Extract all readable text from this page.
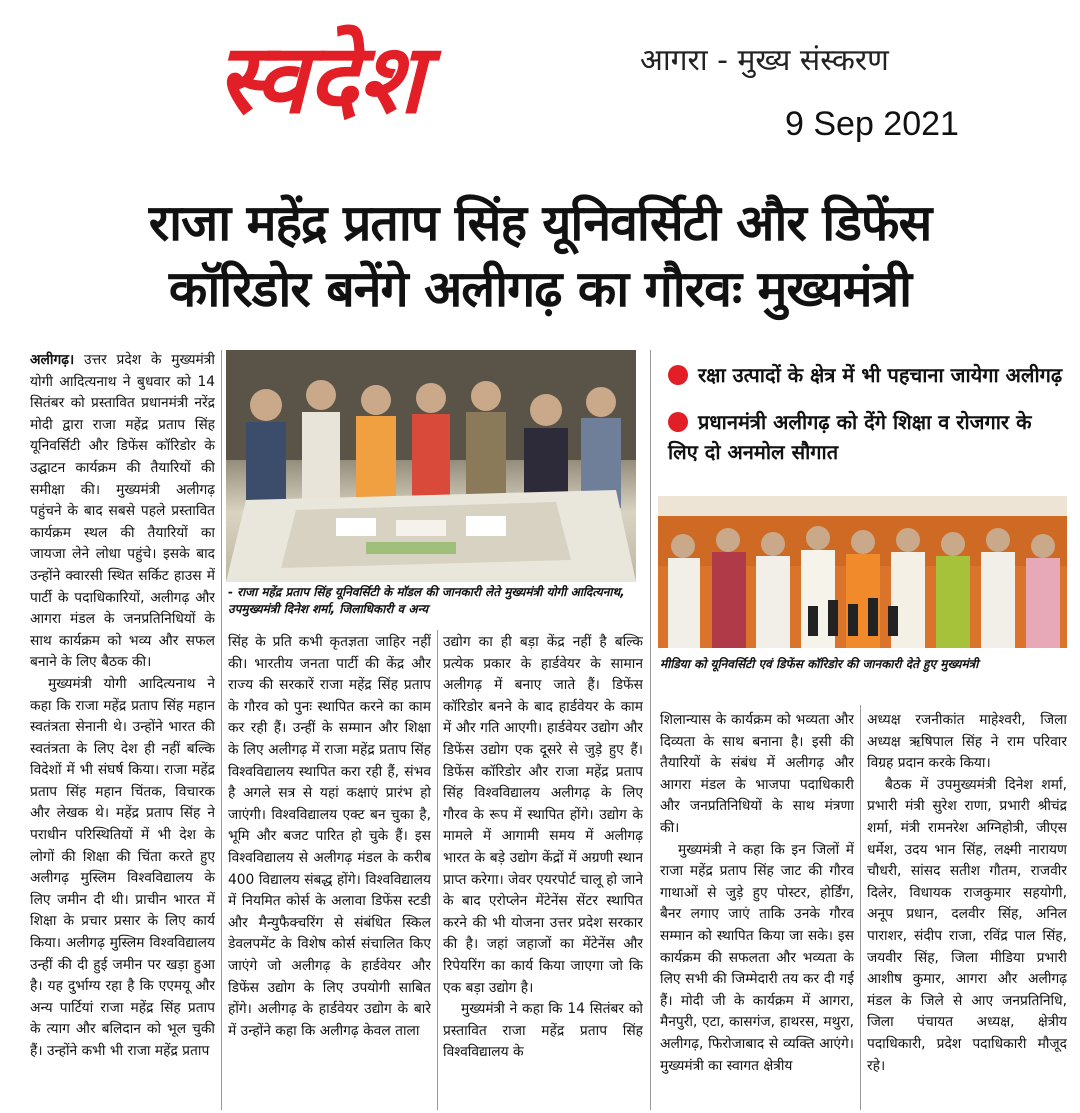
स्वदेश	आगरा - मुख्य संस्करण
9 Sep 2021
राजा महेंद्र प्रताप सिंह यूनिवर्सिटी और डिफेंस
कॉरिडोर बनेंगे अलीगढ़ का गौरवः मुख्यमंत्री
- राजा महेंद्र प्रताप सिंह यूनिवर्सिटी के मॉडल की जानकारी लेते मुख्यमंत्री योगी आदित्यनाथ, उपमुख्यमंत्री दिनेश शर्मा, जिलाधिकारी व अन्य
रक्षा उत्पादों के क्षेत्र में भी पहचाना जायेगा अलीगढ़
प्रधानमंत्री अलीगढ़ को देंगे शिक्षा व रोजगार के लिए दो अनमोल सौगात
मीडिया को यूनिवर्सिटी एवं डिफेंस कॉरिडोर की जानकारी देते हुए मुख्यमंत्री

अलीगढ़। उत्तर प्रदेश के मुख्यमंत्री योगी आदित्यनाथ ने बुधवार को 14 सितंबर को प्रस्तावित प्रधानमंत्री नरेंद्र मोदी द्वारा राजा महेंद्र प्रताप सिंह यूनिवर्सिटी और डिफेंस कॉरिडोर के उद्घाटन कार्यक्रम की तैयारियों की समीक्षा की। मुख्यमंत्री अलीगढ़ पहुंचने के बाद सबसे पहले प्रस्तावित कार्यक्रम स्थल की तैयारियों का जायजा लेने लोधा पहुंचे। इसके बाद उन्होंने क्वारसी स्थित सर्किट हाउस में पार्टी के पदाधिकारियों, अलीगढ़ और आगरा मंडल के जनप्रतिनिधियों के साथ कार्यक्रम को भव्य और सफल बनाने के लिए बैठक की।

मुख्यमंत्री योगी आदित्यनाथ ने कहा कि राजा महेंद्र प्रताप सिंह महान स्वतंत्रता सेनानी थे। उन्होंने भारत की स्वतंत्रता के लिए देश ही नहीं बल्कि विदेशों में भी संघर्ष किया। राजा महेंद्र प्रताप सिंह महान चिंतक, विचारक और लेखक थे। महेंद्र प्रताप सिंह ने पराधीन परिस्थितियों में भी देश के लोगों की शिक्षा की चिंता करते हुए अलीगढ़ मुस्लिम विश्वविद्यालय के लिए जमीन दी थी। प्राचीन भारत में शिक्षा के प्रचार प्रसार के लिए कार्य किया। अलीगढ़ मुस्लिम विश्वविद्यालय उन्हीं की दी हुई जमीन पर खड़ा हुआ है। यह दुर्भाग्य रहा है कि एएमयू और अन्य पार्टियां राजा महेंद्र सिंह प्रताप के त्याग और बलिदान को भूल चुकी हैं। उन्होंने कभी भी राजा महेंद्र प्रताप

सिंह के प्रति कभी कृतज्ञता जाहिर नहीं की। भारतीय जनता पार्टी की केंद्र और राज्य की सरकारें राजा महेंद्र सिंह प्रताप के गौरव को पुनः स्थापित करने का काम कर रही हैं। उन्हीं के सम्मान और शिक्षा के लिए अलीगढ़ में राजा महेंद्र प्रताप सिंह विश्वविद्यालय स्थापित करा रही हैं, संभव है अगले सत्र से यहां कक्षाएं प्रारंभ हो जाएंगी। विश्वविद्यालय एक्ट बन चुका है, भूमि और बजट पारित हो चुके हैं। इस विश्वविद्यालय से अलीगढ़ मंडल के करीब 400 विद्यालय संबद्ध होंगे। विश्वविद्यालय में नियमित कोर्स के अलावा डिफेंस स्टडी और मैन्युफैक्चरिंग से संबंधित स्किल डेवलपमेंट के विशेष कोर्स संचालित किए जाएंगे जो अलीगढ़ के हार्डवेयर और डिफेंस उद्योग के लिए उपयोगी साबित होंगे। अलीगढ़ के हार्डवेयर उद्योग के बारे में उन्होंने कहा कि अलीगढ़ केवल ताला

उद्योग का ही बड़ा केंद्र नहीं है बल्कि प्रत्येक प्रकार के हार्डवेयर के सामान अलीगढ़ में बनाए जाते हैं। डिफेंस कॉरिडोर बनने के बाद हार्डवेयर के काम में और गति आएगी। हार्डवेयर उद्योग और डिफेंस उद्योग एक दूसरे से जुड़े हुए हैं। डिफेंस कॉरिडोर और राजा महेंद्र प्रताप सिंह विश्वविद्यालय अलीगढ़ के लिए गौरव के रूप में स्थापित होंगे। उद्योग के मामले में आगामी समय में अलीगढ़ भारत के बड़े उद्योग केंद्रों में अग्रणी स्थान प्राप्त करेगा। जेवर एयरपोर्ट चालू हो जाने के बाद एरोप्लेन मेंटेनेंस सेंटर स्थापित करने की भी योजना उत्तर प्रदेश सरकार की है। जहां जहाजों का मेंटेनेंस और रिपेयरिंग का कार्य किया जाएगा जो कि एक बड़ा उद्योग है।

मुख्यमंत्री ने कहा कि 14 सितंबर को प्रस्तावित राजा महेंद्र प्रताप सिंह विश्वविद्यालय के

शिलान्यास के कार्यक्रम को भव्यता और दिव्यता के साथ बनाना है। इसी की तैयारियों के संबंध में अलीगढ़ और आगरा मंडल के भाजपा पदाधिकारी और जनप्रतिनिधियों के साथ मंत्रणा की।

मुख्यमंत्री ने कहा कि इन जिलों में राजा महेंद्र प्रताप सिंह जाट की गौरव गाथाओं से जुड़े हुए पोस्टर, होर्डिंग, बैनर लगाए जाएं ताकि उनके गौरव सम्मान को स्थापित किया जा सके। इस कार्यक्रम की सफलता और भव्यता के लिए सभी की जिम्मेदारी तय कर दी गई हैं। मोदी जी के कार्यक्रम में आगरा, मैनपुरी, एटा, कासगंज, हाथरस, मथुरा, अलीगढ़, फिरोजाबाद से व्यक्ति आएंगे। मुख्यमंत्री का स्वागत क्षेत्रीय

अध्यक्ष रजनीकांत माहेश्वरी, जिला अध्यक्ष ऋषिपाल सिंह ने राम परिवार विग्रह प्रदान करके किया।

बैठक में उपमुख्यमंत्री दिनेश शर्मा, प्रभारी मंत्री सुरेश राणा, प्रभारी श्रीचंद्र शर्मा, मंत्री रामनरेश अग्निहोत्री, जीएस धर्मेश, उदय भान सिंह, लक्ष्मी नारायण चौधरी, सांसद सतीश गौतम, राजवीर दिलेर, विधायक राजकुमार सहयोगी, अनूप प्रधान, दलवीर सिंह, अनिल पाराशर, संदीप राजा, रविंद्र पाल सिंह, जयवीर सिंह, जिला मीडिया प्रभारी आशीष कुमार, आगरा और अलीगढ़ मंडल के जिले से आए जनप्रतिनिधि, जिला पंचायत अध्यक्ष, क्षेत्रीय पदाधिकारी, प्रदेश पदाधिकारी मौजूद रहे।
